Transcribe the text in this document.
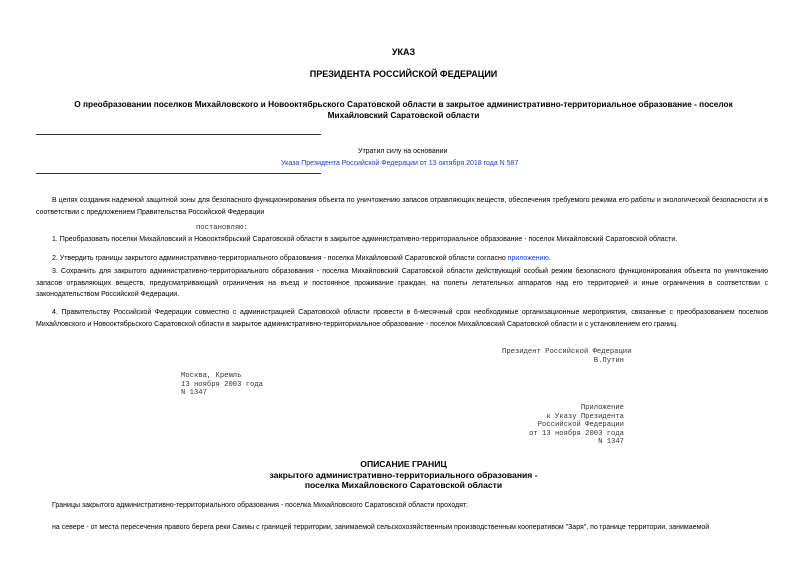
УКАЗ
ПРЕЗИДЕНТА РОССИЙСКОЙ ФЕДЕРАЦИИ
О преобразовании поселков Михайловского и Новооктябрьского Саратовской области в закрытое административно-территориальное образование - поселок
Михайловский Саратовской области
Утратил силу на основании
Указа Президента Российской Федерации от 13 октября 2018 года N 587
В целях создания надежной защитной зоны для безопасного функционирования объекта по уничтожению запасов отравляющих веществ, обеспечения требуемого режима его работы и экологической безопасности и в соответствии с предложением Правительства Российской Федерации
постановляю:
1. Преобразовать поселки Михайловский и Новооктябрьский Саратовской области в закрытое административно-территориальное образование - поселок Михайловский Саратовской области.
2. Утвердить границы закрытого административно-территориального образования - поселка Михайловский Саратовской области согласно приложению.
3. Сохранить для закрытого административно-территориального образования - поселка Михайловский Саратовской области действующий особый режим безопасного функционирования объекта по уничтожению запасов отравляющих веществ, предусматривающий ограничения на въезд и постоянное проживание граждан, на полеты летательных аппаратов над его территорией и иные ограничения в соответствии с законодательством Российской Федерации.
4. Правительству Российской Федерации совместно с администрацией Саратовской области провести в 6-месячный срок необходимые организационные мероприятия, связанные с преобразованием поселков Михайловского и Новооктябрьского Саратовской области в закрытое административно-территориальное образование - поселок Михайловский Саратовской области и с установлением его границ.
Президент Российской Федерации
В.Путин
Москва, Кремль
13 ноября 2003 года
N 1347
Приложение
к Указу Президента
Российской Федерации
от 13 ноября 2003 года
N 1347
ОПИСАНИЕ ГРАНИЦ
закрытого административно-территориального образования -
поселка Михайловского Саратовской области
Границы закрытого административно-территориального образования - поселка Михайловского Саратовской области проходят:
на севере - от места пересечения правого берега реки Сакмы с границей территории, занимаемой сельскохозяйственным производственным кооперативом "Заря", по границе территории, занимаемой
